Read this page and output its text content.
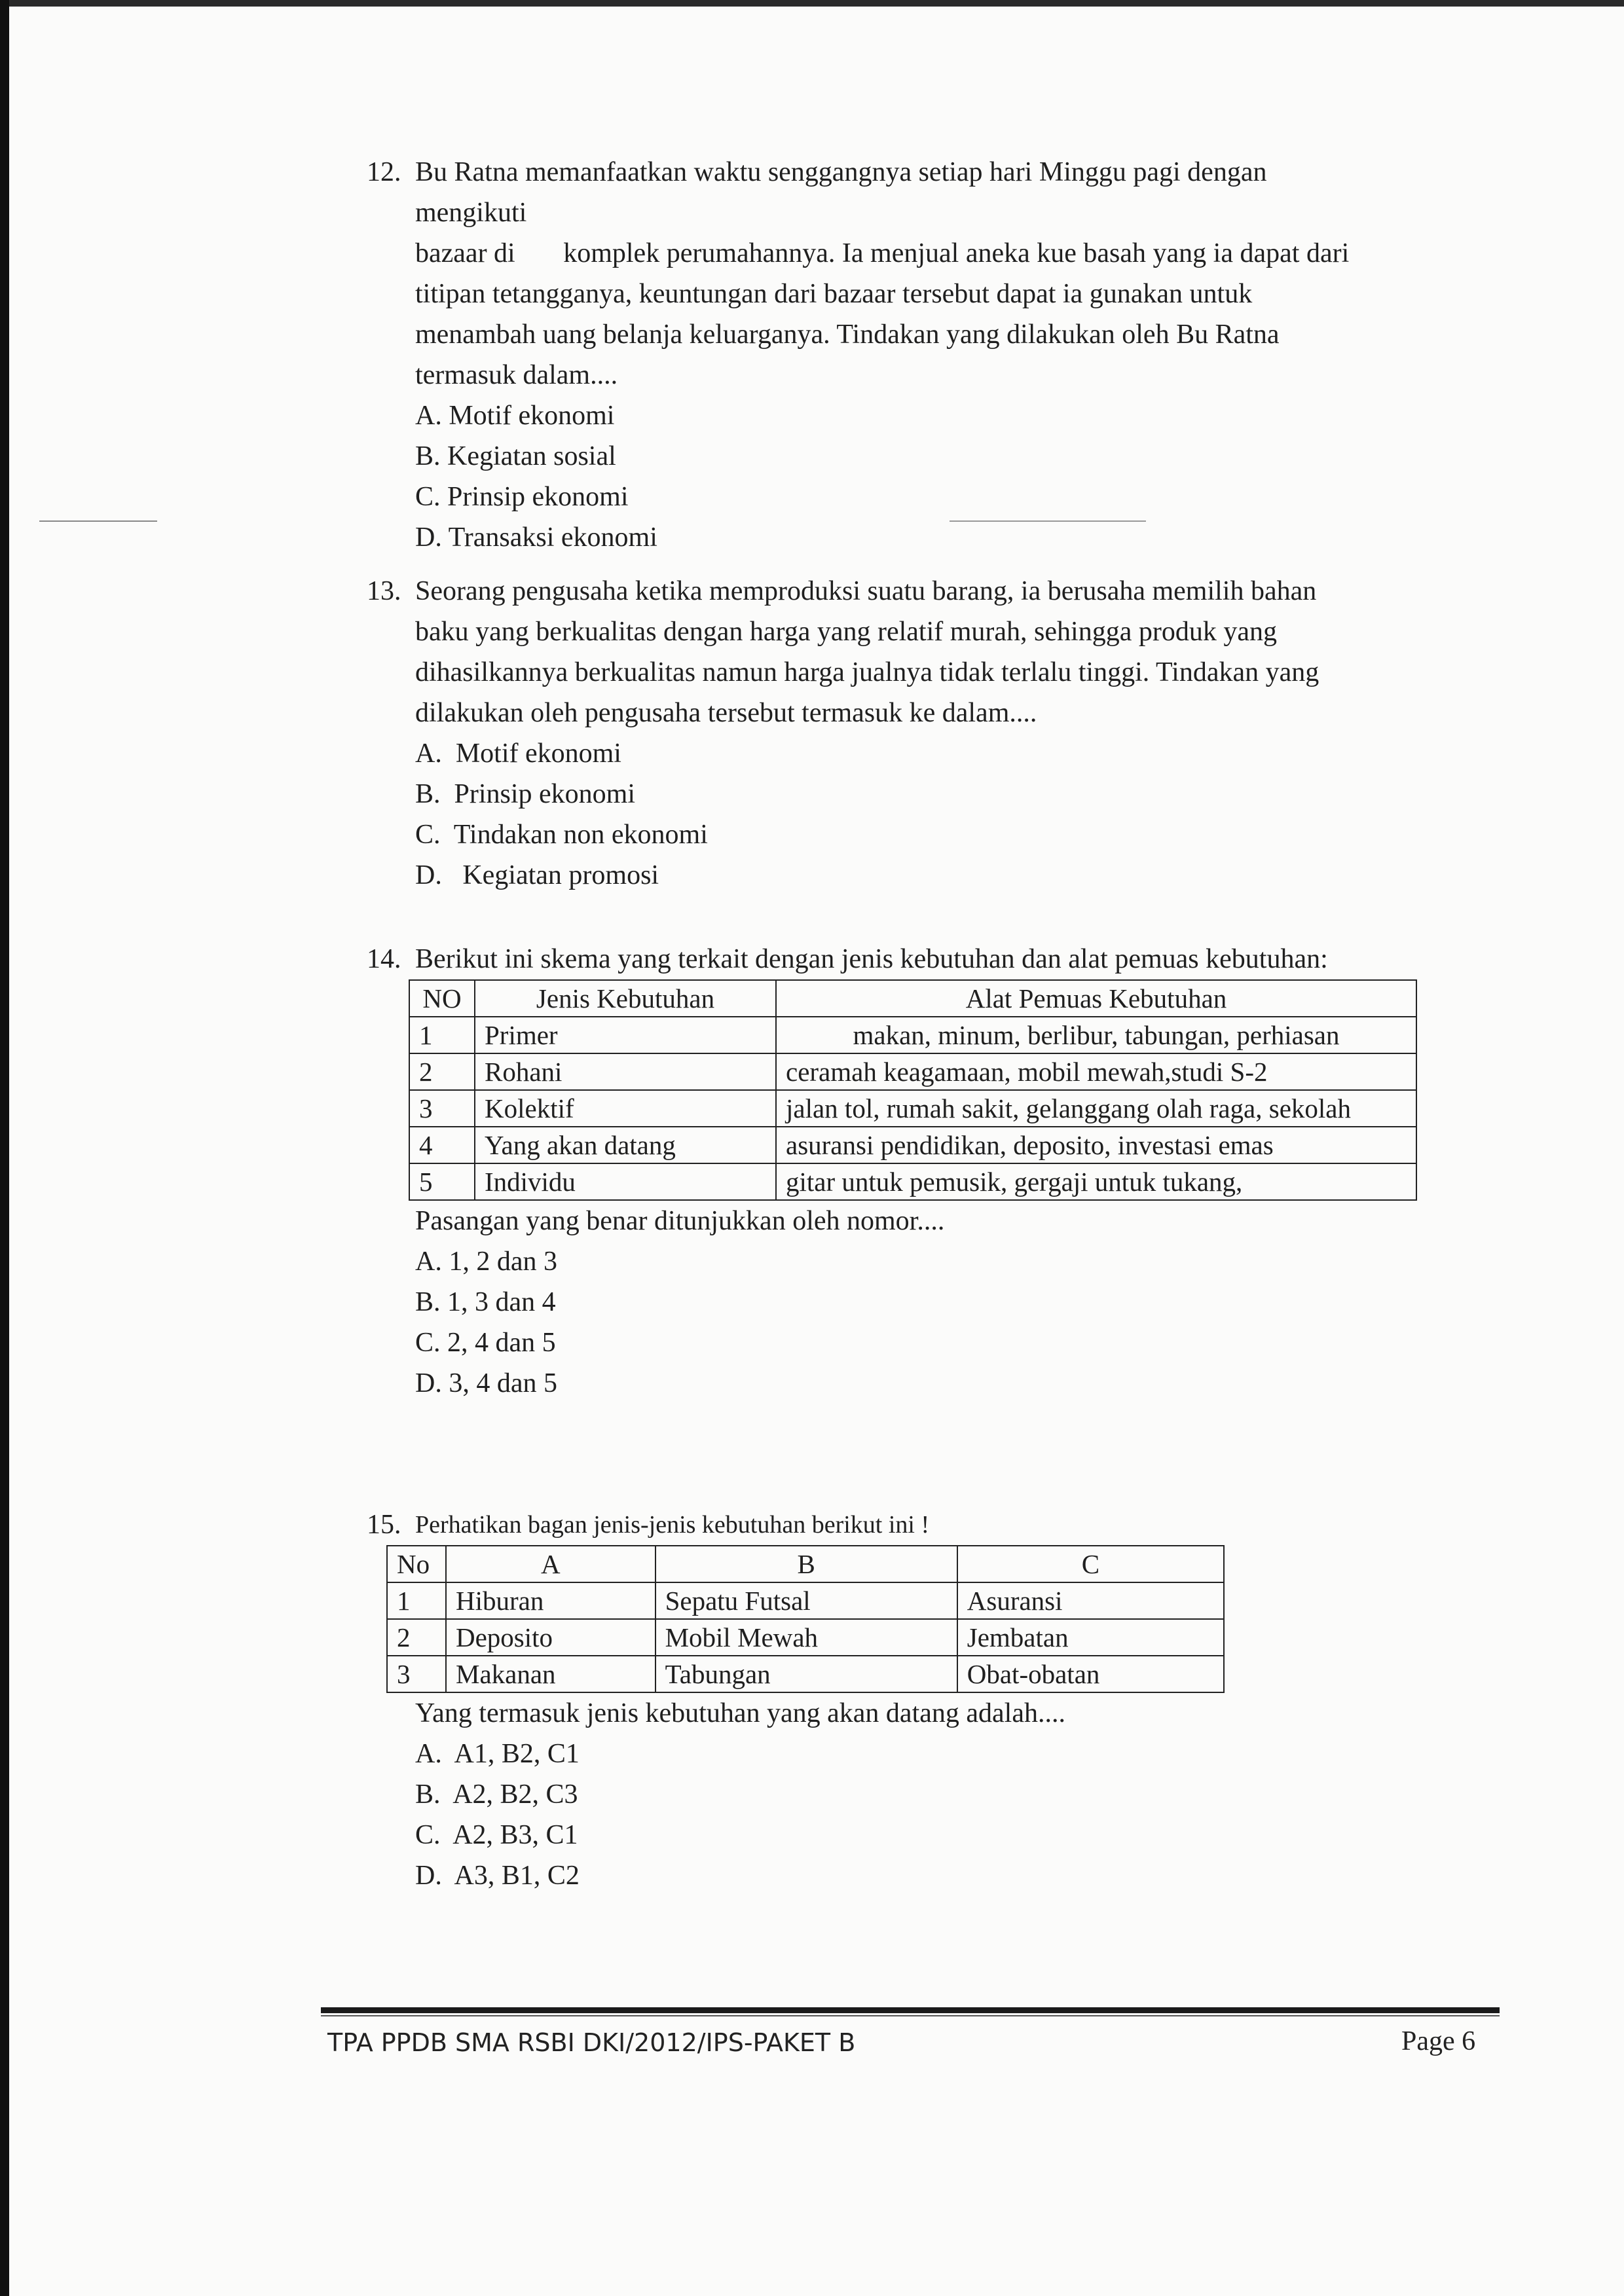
12. Bu Ratna memanfaatkan waktu senggangnya setiap hari Minggu pagi dengan

mengikuti

bazaar di       komplek perumahannya. Ia menjual aneka kue basah yang ia dapat dari

titipan tetangganya, keuntungan dari bazaar tersebut dapat ia gunakan untuk

menambah uang belanja keluarganya. Tindakan yang dilakukan oleh Bu Ratna

termasuk dalam....

A. Motif ekonomi

B. Kegiatan sosial

C. Prinsip ekonomi

D. Transaksi ekonomi

13. Seorang pengusaha ketika memproduksi suatu barang, ia berusaha memilih bahan

baku yang berkualitas dengan harga yang relatif murah, sehingga produk yang

dihasilkannya berkualitas namun harga jualnya tidak terlalu tinggi. Tindakan yang

dilakukan oleh pengusaha tersebut termasuk ke dalam....

A.  Motif ekonomi

B.  Prinsip ekonomi

C.  Tindakan non ekonomi

D.   Kegiatan promosi

14. Berikut ini skema yang terkait dengan jenis kebutuhan dan alat pemuas kebutuhan:

NO	Jenis Kebutuhan	Alat Pemuas Kebutuhan
1	Primer	makan, minum, berlibur, tabungan, perhiasan
2	Rohani	ceramah keagamaan, mobil mewah,studi S-2
3	Kolektif	jalan tol, rumah sakit, gelanggang olah raga, sekolah
4	Yang akan datang	asuransi pendidikan, deposito, investasi emas
5	Individu	gitar untuk pemusik, gergaji untuk tukang,

Pasangan yang benar ditunjukkan oleh nomor....

A. 1, 2 dan 3

B. 1, 3 dan 4

C. 2, 4 dan 5

D. 3, 4 dan 5

15. Perhatikan bagan jenis-jenis kebutuhan berikut ini !

No	A	B	C
1	Hiburan	Sepatu Futsal	Asuransi
2	Deposito	Mobil Mewah	Jembatan
3	Makanan	Tabungan	Obat-obatan

Yang termasuk jenis kebutuhan yang akan datang adalah....

A.  A1, B2, C1

B.  A2, B2, C3

C.  A2, B3, C1

D.  A3, B1, C2

TPA PPDB SMA RSBI DKI/2012/IPS-PAKET B	Page 6
